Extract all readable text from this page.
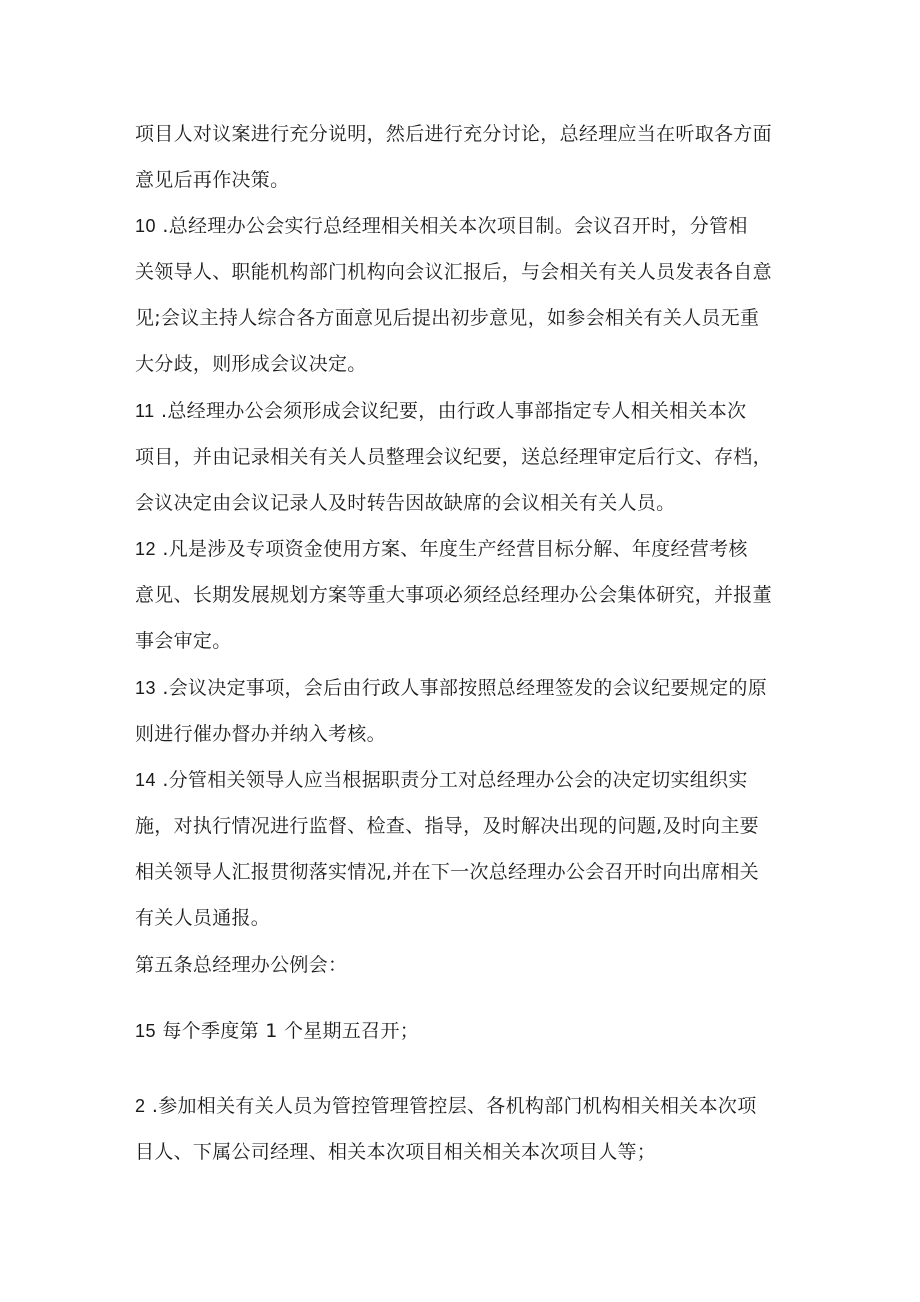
项目人对议案进行充分说明，然后进行充分讨论，总经理应当在听取各方面
意见后再作决策。

10 .总经理办公会实行总经理相关相关本次项目制。会议召开时，分管相
关领导人、职能机构部门机构向会议汇报后，与会相关有关人员发表各自意
见;会议主持人综合各方面意见后提出初步意见，如参会相关有关人员无重
大分歧，则形成会议决定。

11 .总经理办公会须形成会议纪要，由行政人事部指定专人相关相关本次
项目，并由记录相关有关人员整理会议纪要，送总经理审定后行文、存档，
会议决定由会议记录人及时转告因故缺席的会议相关有关人员。

12 .凡是涉及专项资金使用方案、年度生产经营目标分解、年度经营考核
意见、长期发展规划方案等重大事项必须经总经理办公会集体研究，并报董
事会审定。

13 .会议决定事项，会后由行政人事部按照总经理签发的会议纪要规定的原
则进行催办督办并纳入考核。

14 .分管相关领导人应当根据职责分工对总经理办公会的决定切实组织实
施，对执行情况进行监督、检查、指导，及时解决出现的问题,及时向主要
相关领导人汇报贯彻落实情况,并在下一次总经理办公会召开时向出席相关
有关人员通报。

第五条总经理办公例会：

15 每个季度第 1 个星期五召开；

2 .参加相关有关人员为管控管理管控层、各机构部门机构相关相关本次项
目人、下属公司经理、相关本次项目相关相关本次项目人等；
